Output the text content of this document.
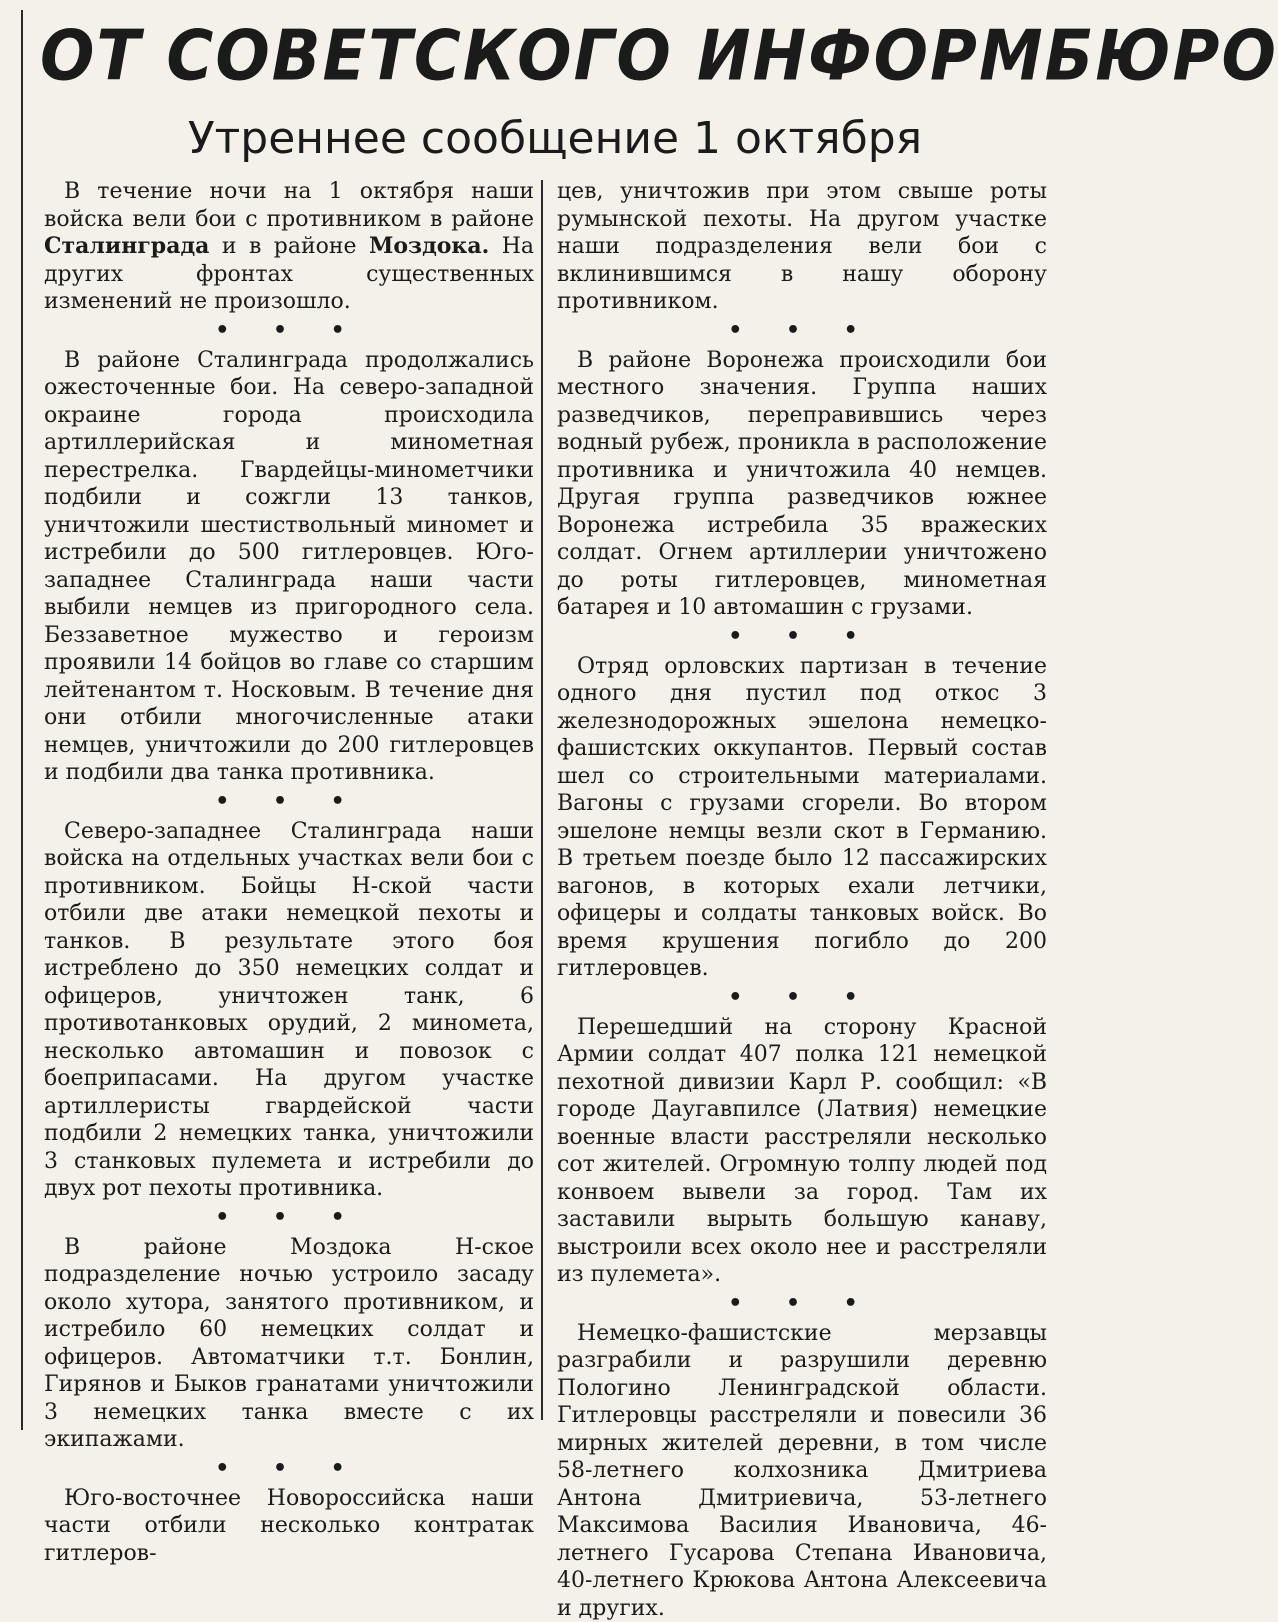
ОТ СОВЕТСКОГО ИНФОРМБЮРО
Утреннее сообщение 1 октября

В течение ночи на 1 октября наши войска вели бои с противником в районе Сталинграда и в районе Моздока. На других фронтах существенных изменений не произошло.

• • •

В районе Сталинграда продолжались ожесточенные бои. На северо-западной окраине города происходила артиллерийская и минометная перестрелка. Гвардейцы-минометчики подбили и сожгли 13 танков, уничтожили шестиствольный миномет и истребили до 500 гитлеровцев. Юго-западнее Сталинграда наши части выбили немцев из пригородного села. Беззаветное мужество и героизм проявили 14 бойцов во главе со старшим лейтенантом т. Носковым. В течение дня они отбили многочисленные атаки немцев, уничтожили до 200 гитлеровцев и подбили два танка противника.

• • •

Северо-западнее Сталинграда наши войска на отдельных участках вели бои с противником. Бойцы Н-ской части отбили две атаки немецкой пехоты и танков. В результате этого боя истреблено до 350 немецких солдат и офицеров, уничтожен танк, 6 противотанковых орудий, 2 миномета, несколько автомашин и повозок с боеприпасами. На другом участке артиллеристы гвардейской части подбили 2 немецких танка, уничтожили 3 станковых пулемета и истребили до двух рот пехоты противника.

• • •

В районе Моздока Н-ское подразделение ночью устроило засаду около хутора, занятого противником, и истребило 60 немецких солдат и офицеров. Автоматчики т.т. Бонлин, Гирянов и Быков гранатами уничтожили 3 немецких танка вместе с их экипажами.

• • •

Юго-восточнее Новороссийска наши части отбили несколько контратак гитлеров-

цев, уничтожив при этом свыше роты румынской пехоты. На другом участке наши подразделения вели бои с вклинившимся в нашу оборону противником.

• • •

В районе Воронежа происходили бои местного значения. Группа наших разведчиков, переправившись через водный рубеж, проникла в расположение противника и уничтожила 40 немцев. Другая группа разведчиков южнее Воронежа истребила 35 вражеских солдат. Огнем артиллерии уничтожено до роты гитлеровцев, минометная батарея и 10 автомашин с грузами.

• • •

Отряд орловских партизан в течение одного дня пустил под откос 3 железнодорожных эшелона немецко-фашистских оккупантов. Первый состав шел со строительными материалами. Вагоны с грузами сгорели. Во втором эшелоне немцы везли скот в Германию. В третьем поезде было 12 пассажирских вагонов, в которых ехали летчики, офицеры и солдаты танковых войск. Во время крушения погибло до 200 гитлеровцев.

• • •

Перешедший на сторону Красной Армии солдат 407 полка 121 немецкой пехотной дивизии Карл Р. сообщил: «В городе Даугавпилсе (Латвия) немецкие военные власти расстреляли несколько сот жителей. Огромную толпу людей под конвоем вывели за город. Там их заставили вырыть большую канаву, выстроили всех около нее и расстреляли из пулемета».

• • •

Немецко-фашистские мерзавцы разграбили и разрушили деревню Пологино Ленинградской области. Гитлеровцы расстреляли и повесили 36 мирных жителей деревни, в том числе 58-летнего колхозника Дмитриева Антона Дмитриевича, 53-летнего Максимова Василия Ивановича, 46-летнего Гусарова Степана Ивановича, 40-летнего Крюкова Антона Алексеевича и других.
